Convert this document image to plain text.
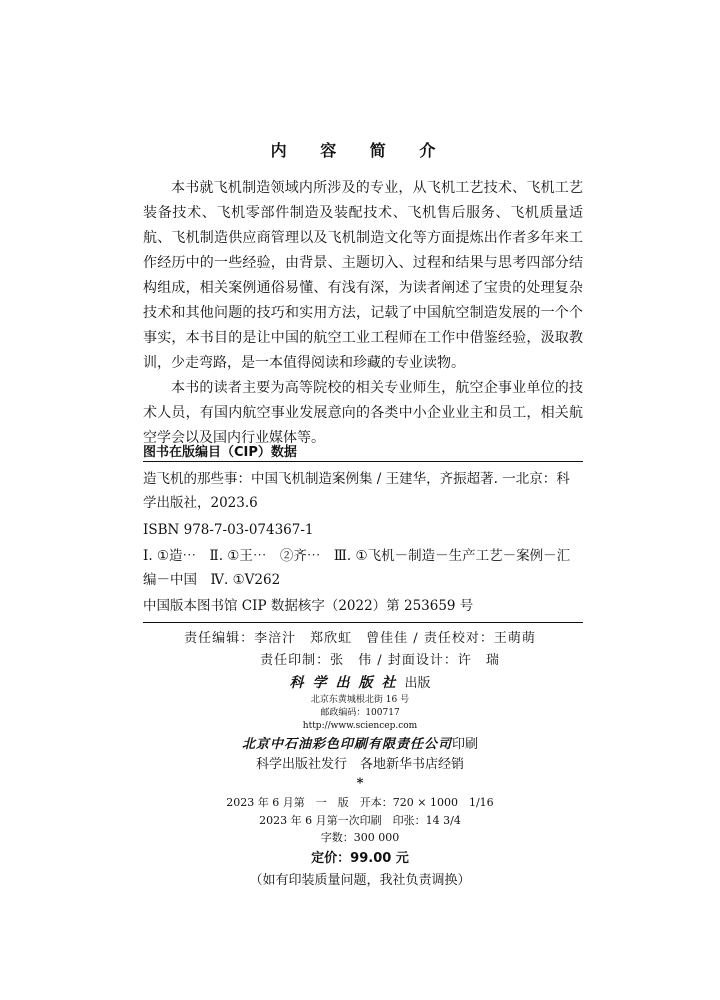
内 容 简 介

本书就飞机制造领域内所涉及的专业，从飞机工艺技术、飞机工艺装备技术、飞机零部件制造及装配技术、飞机售后服务、飞机质量适航、飞机制造供应商管理以及飞机制造文化等方面提炼出作者多年来工作经历中的一些经验，由背景、主题切入、过程和结果与思考四部分结构组成，相关案例通俗易懂、有浅有深，为读者阐述了宝贵的处理复杂技术和其他问题的技巧和实用方法，记载了中国航空制造发展的一个个事实，本书目的是让中国的航空工业工程师在工作中借鉴经验，汲取教训，少走弯路，是一本值得阅读和珍藏的专业读物。

本书的读者主要为高等院校的相关专业师生，航空企事业单位的技术人员，有国内航空事业发展意向的各类中小企业业主和员工，相关航空学会以及国内行业媒体等。

图书在版编目（CIP）数据
造飞机的那些事：中国飞机制造案例集 / 王建华，齐振超著. 一北京：科学出版社，2023.6
ISBN 978-7-03-074367-1
Ⅰ. ①造⋯　Ⅱ. ①王⋯　②齐⋯　Ⅲ. ①飞机－制造－生产工艺－案例－汇编－中国　Ⅳ. ①V262
中国版本图书馆 CIP 数据核字（2022）第 253659 号
责任编辑：李涪汁　郑欣虹　曾佳佳 / 责任校对：王萌萌
责任印制：张　伟 / 封面设计：许　瑞
科学出版社出版
北京东黄城根北街 16 号
邮政编码：100717
http://www.sciencep.com
北京中石油彩色印刷有限责任公司印刷
科学出版社发行　各地新华书店经销
*
2023 年 6 月第　一　版　开本：720 × 1000　1/16
2023 年 6 月第一次印刷　印张：14 3/4
字数：300 000
定价：99.00 元
（如有印装质量问题，我社负责调换）
